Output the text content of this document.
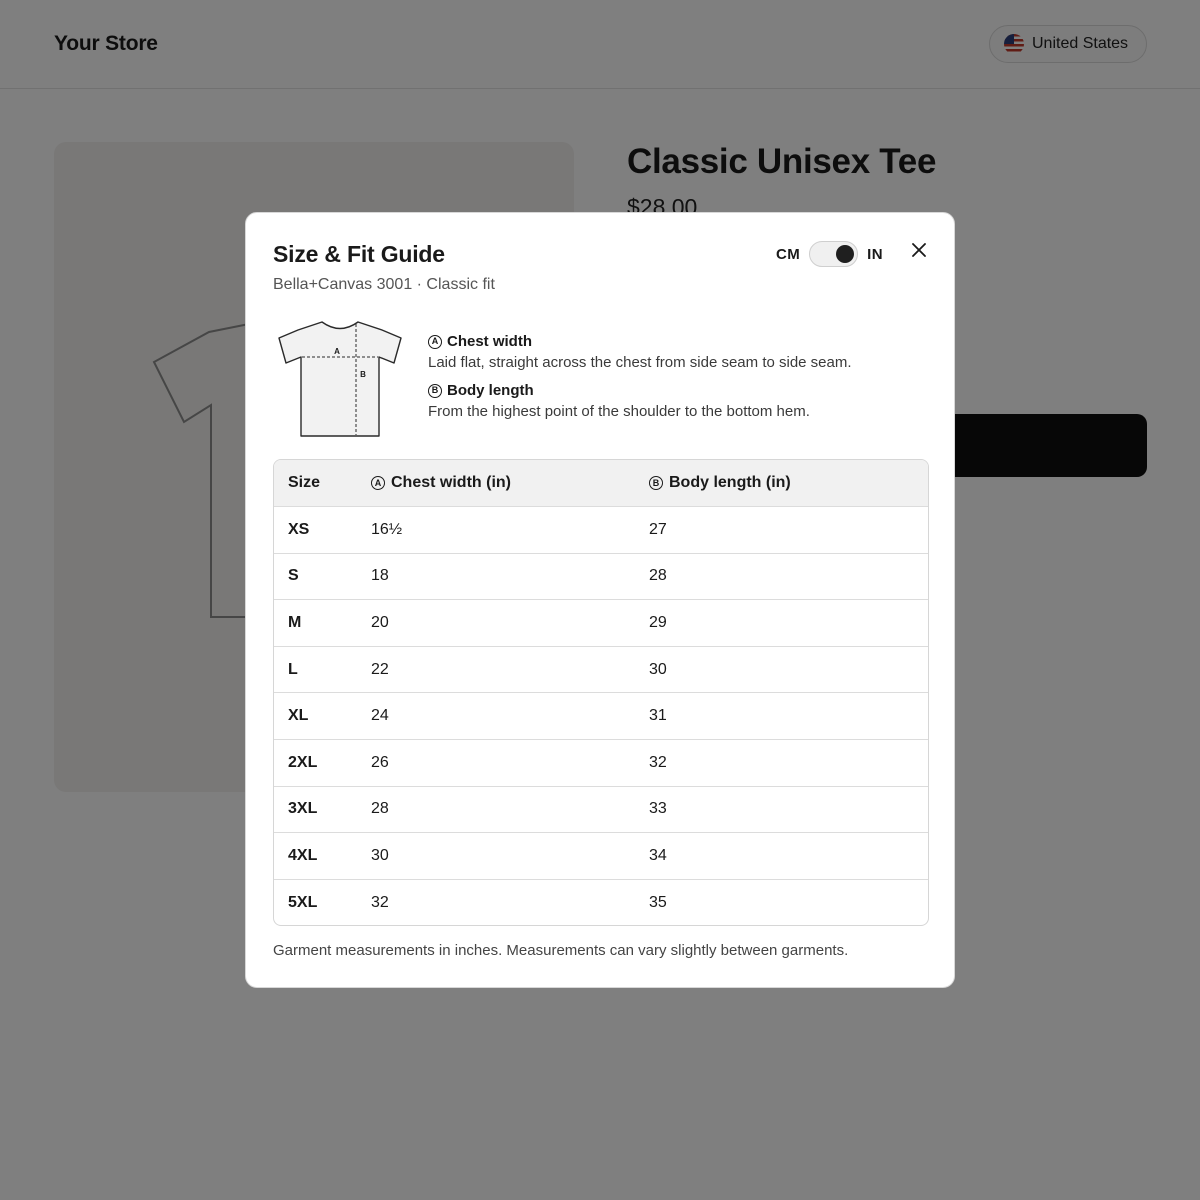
Size & Fit Guide
Bella+Canvas 3001 · Classic fit
CM	IN
A
B
A Chest width
Laid flat, straight across the chest from side seam to side seam.
B Body length
From the highest point of the shoulder to the bottom hem.
Size	A Chest width (in)	B Body length (in)
XS	16½	27
S	18	28
M	20	29
L	22	30
XL	24	31
2XL	26	32
3XL	28	33
4XL	30	34
5XL	32	35
Garment measurements in inches. Measurements can vary slightly between garments.
